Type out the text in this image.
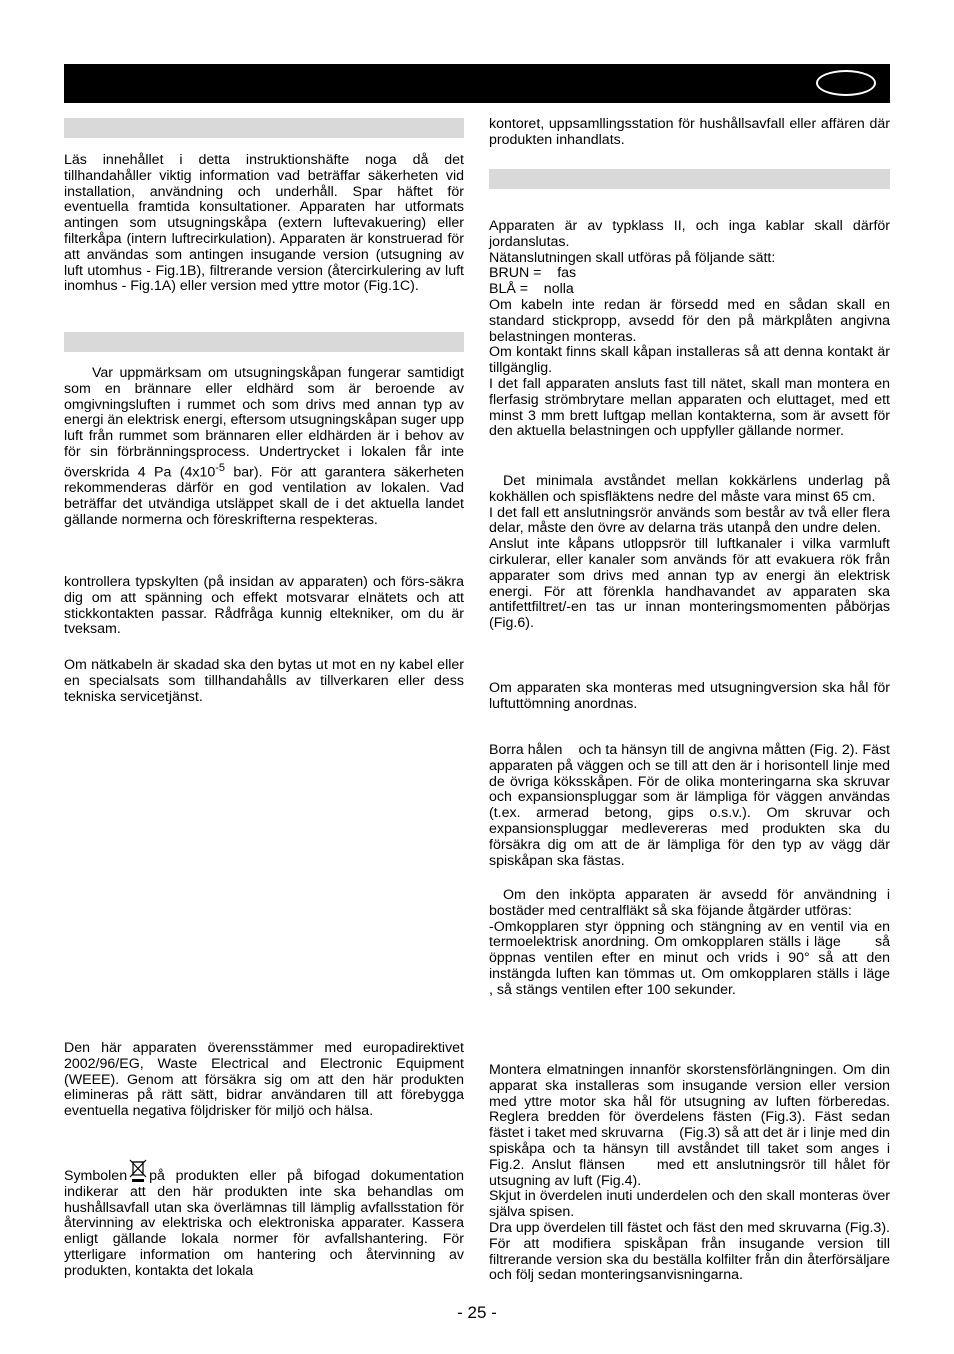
Läs innehållet i detta instruktionshäfte noga då det tillhandahåller viktig information vad beträffar säkerheten vid installation, användning och underhåll. Spar häftet för eventuella framtida konsultationer. Apparaten har utformats antingen som utsugningskåpa (extern luftevakuering) eller filterkåpa (intern luftrecirkulation). Apparaten är konstruerad för att användas som antingen insugande version (utsugning av luft utomhus - Fig.1B), filtrerande version (återcirkulering av luft inomhus - Fig.1A) eller version med yttre motor (Fig.1C).

Var uppmärksam om utsugningskåpan fungerar samtidigt som en brännare eller eldhärd som är beroende av omgivningsluften i rummet och som drivs med annan typ av energi än elektrisk energi, eftersom utsugningskåpan suger upp luft från rummet som brännaren eller eldhärden är i behov av för sin förbränningsprocess. Undertrycket i lokalen får inte överskrida 4 Pa ($4x10^{-5}$ bar). För att garantera säkerheten rekommenderas därför en god ventilation av lokalen. Vad beträffar det utvändiga utsläppet skall de i det aktuella landet gällande normerna och föreskrifterna respekteras.

kontrollera typskylten (på insidan av apparaten) och förs-säkra dig om att spänning och effekt motsvarar elnätets och att stickkontakten passar. Rådfråga kunnig eltekniker, om du är tveksam.

Om nätkabeln är skadad ska den bytas ut mot en ny kabel eller en specialsats som tillhandahålls av tillverkaren eller dess tekniska servicetjänst.

Den här apparaten överensstämmer med europadirektivet 2002/96/EG, Waste Electrical and Electronic Equipment (WEEE). Genom att försäkra sig om att den här produkten elimineras på rätt sätt, bidrar användaren till att förebygga eventuella negativa följdrisker för miljö och hälsa.

Symbolen på produkten eller på bifogad dokumentation indikerar att den här produkten inte ska behandlas om hushållsavfall utan ska överlämnas till lämplig avfallsstation för återvinning av elektriska och elektroniska apparater. Kassera enligt gällande lokala normer för avfallshantering. För ytterligare information om hantering och återvinning av produkten, kontakta det lokala

kontoret, uppsamllingsstation för hushållsavfall eller affären där produkten inhandlats.

Apparaten är av typklass II, och inga kablar skall därför jordanslutas.

Nätanslutningen skall utföras på följande sätt:

BRUN =    fas

BLÅ =    nolla

Om kabeln inte redan är försedd med en sådan skall en standard stickpropp, avsedd för den på märkplåten angivna belastningen monteras.

Om kontakt finns skall kåpan installeras så att denna kontakt är tillgänglig.

I det fall apparaten ansluts fast till nätet, skall man montera en flerfasig strömbrytare mellan apparaten och eluttaget, med ett minst 3 mm brett luftgap mellan kontakterna, som är avsett för den aktuella belastningen och uppfyller gällande normer.

Det minimala avståndet mellan kokkärlens underlag på kokhällen och spisfläktens nedre del måste vara minst 65 cm.

I det fall ett anslutningsrör används som består av två eller flera delar, måste den övre av delarna träs utanpå den undre delen.

Anslut inte kåpans utloppsrör till luftkanaler i vilka varmluft cirkulerar, eller kanaler som används för att evakuera rök från apparater som drivs med annan typ av energi än elektrisk energi. För att förenkla handhavandet av apparaten ska antifettfiltret/-en tas ur innan monteringsmomenten påbörjas (Fig.6).

Om apparaten ska monteras med utsugningversion ska hål för luftuttömning anordnas.

Borra hålen    och ta hänsyn till de angivna måtten (Fig. 2). Fäst apparaten på väggen och se till att den är i horisontell linje med de övriga köksskåpen. För de olika monteringarna ska skruvar och expansionspluggar som är lämpliga för väggen användas (t.ex. armerad betong, gips o.s.v.). Om skruvar och expansionspluggar medlevereras med produkten ska du försäkra dig om att de är lämpliga för den typ av vägg där spiskåpan ska fästas.

Om den inköpta apparaten är avsedd för användning i bostäder med centralfläkt så ska föjande åtgärder utföras:

-Omkopplaren styr öppning och stängning av en ventil via en termoelektrisk anordning. Om omkopplaren ställs i läge       så öppnas ventilen efter en minut och vrids i 90° så att den instängda luften kan tömmas ut. Om omkopplaren ställs i läge        , så stängs ventilen efter 100 sekunder.

Montera elmatningen innanför skorstensförlängningen. Om din apparat ska installeras som insugande version eller version med yttre motor ska hål för utsugning av luften förberedas. Reglera bredden för överdelens fästen (Fig.3). Fäst sedan fästet i taket med skruvarna    (Fig.3) så att det är i linje med din spiskåpa och ta hänsyn till avståndet till taket som anges i Fig.2. Anslut flänsen    med ett anslutningsrör till hålet för utsugning av luft (Fig.4).

Skjut in överdelen inuti underdelen och den skall monteras över själva spisen.

Dra upp överdelen till fästet och fäst den med skruvarna (Fig.3). För att modifiera spiskåpan från insugande version till filtrerande version ska du beställa kolfilter från din återförsäljare och följ sedan monteringsanvisningarna.

- 25 -
